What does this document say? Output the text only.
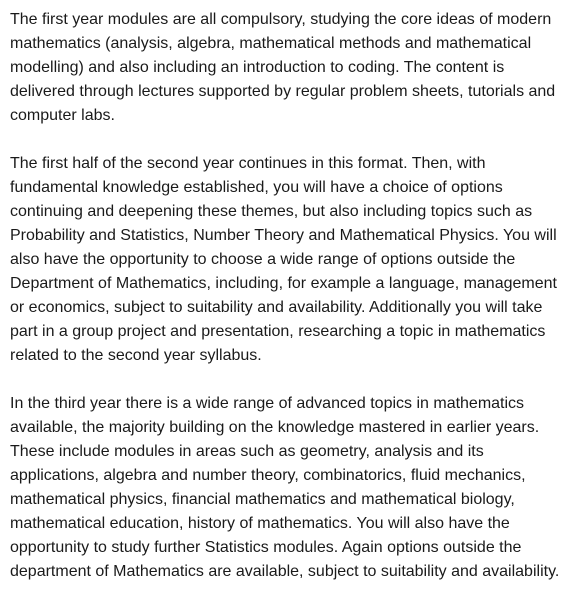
The first year modules are all compulsory, studying the core ideas of modern mathematics (analysis, algebra, mathematical methods and mathematical modelling) and also including an introduction to coding. The content is delivered through lectures supported by regular problem sheets, tutorials and computer labs.

The first half of the second year continues in this format. Then, with fundamental knowledge established, you will have a choice of options continuing and deepening these themes, but also including topics such as Probability and Statistics, Number Theory and Mathematical Physics. You will also have the opportunity to choose a wide range of options outside the Department of Mathematics, including, for example a language, management or economics, subject to suitability and availability. Additionally you will take part in a group project and presentation, researching a topic in mathematics related to the second year syllabus.

In the third year there is a wide range of advanced topics in mathematics available, the majority building on the knowledge mastered in earlier years. These include modules in areas such as geometry, analysis and its applications, algebra and number theory, combinatorics, fluid mechanics, mathematical physics, financial mathematics and mathematical biology, mathematical education, history of mathematics. You will also have the opportunity to study further Statistics modules. Again options outside the department of Mathematics are available, subject to suitability and availability.
